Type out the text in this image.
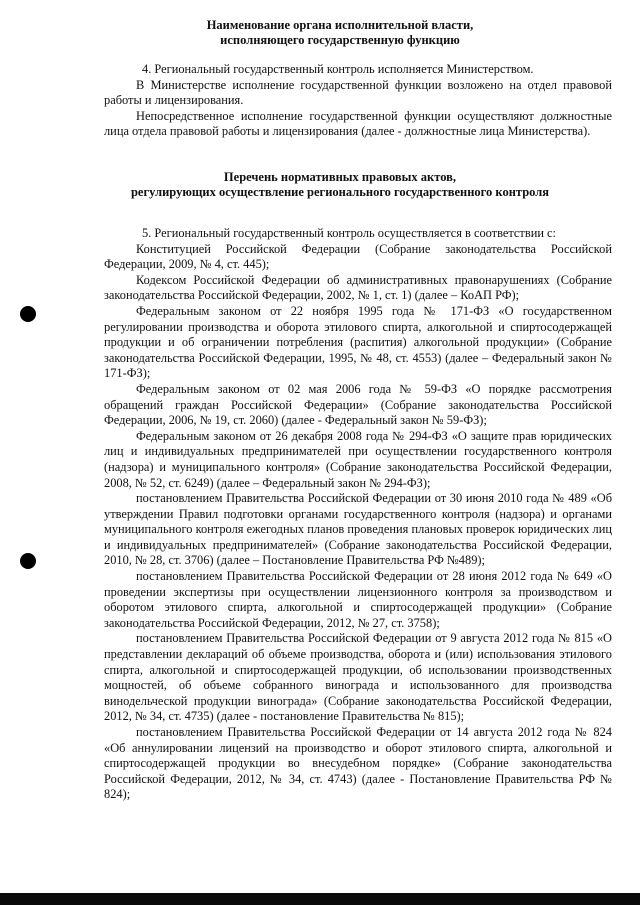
Наименование органа исполнительной власти,
исполняющего государственную функцию

4. Региональный государственный контроль исполняется Министерством.

В Министерстве исполнение государственной функции возложено на отдел правовой работы и лицензирования.

Непосредственное исполнение государственной функции осуществляют должностные лица отдела правовой работы и лицензирования (далее - должностные лица Министерства).

Перечень нормативных правовых актов,
регулирующих осуществление регионального государственного контроля

5. Региональный государственный контроль осуществляется в соответствии с:

Конституцией Российской Федерации (Собрание законодательства Российской Федерации, 2009, № 4, ст. 445);

Кодексом Российской Федерации об административных правонарушениях (Собрание законодательства Российской Федерации, 2002, № 1, ст. 1) (далее – КоАП РФ);

Федеральным законом от 22 ноября 1995 года № 171-ФЗ «О государственном регулировании производства и оборота этилового спирта, алкогольной и спиртосодержащей продукции и об ограничении потребления (распития) алкогольной продукции» (Собрание законодательства Российской Федерации, 1995, № 48, ст. 4553) (далее – Федеральный закон № 171-ФЗ);

Федеральным законом от 02 мая 2006 года № 59-ФЗ «О порядке рассмотрения обращений граждан Российской Федерации» (Собрание законодательства Российской Федерации, 2006, № 19, ст. 2060) (далее - Федеральный закон № 59-ФЗ);

Федеральным законом от 26 декабря 2008 года № 294-ФЗ «О защите прав юридических лиц и индивидуальных предпринимателей при осуществлении государственного контроля (надзора) и муниципального контроля» (Собрание законодательства Российской Федерации, 2008, № 52, ст. 6249) (далее – Федеральный закон № 294-ФЗ);

постановлением Правительства Российской Федерации от 30 июня 2010 года № 489 «Об утверждении Правил подготовки органами государственного контроля (надзора) и органами муниципального контроля ежегодных планов проведения плановых проверок юридических лиц и индивидуальных предпринимателей» (Собрание законодательства Российской Федерации, 2010, № 28, ст. 3706) (далее – Постановление Правительства РФ №489);

постановлением Правительства Российской Федерации от 28 июня 2012 года № 649 «О проведении экспертизы при осуществлении лицензионного контроля за производством и оборотом этилового спирта, алкогольной и спиртосодержащей продукции» (Собрание законодательства Российской Федерации, 2012, № 27, ст. 3758);

постановлением Правительства Российской Федерации от 9 августа 2012 года № 815 «О представлении деклараций об объеме производства, оборота и (или) использования этилового спирта, алкогольной и спиртосодержащей продукции, об использовании производственных мощностей, об объеме собранного винограда и использованного для производства винодельческой продукции винограда» (Собрание законодательства Российской Федерации, 2012, № 34, ст. 4735) (далее - постановление Правительства № 815);

постановлением Правительства Российской Федерации от 14 августа 2012 года № 824 «Об аннулировании лицензий на производство и оборот этилового спирта, алкогольной и спиртосодержащей продукции во внесудебном порядке» (Собрание законодательства Российской Федерации, 2012, № 34, ст. 4743) (далее - Постановление Правительства РФ № 824);
